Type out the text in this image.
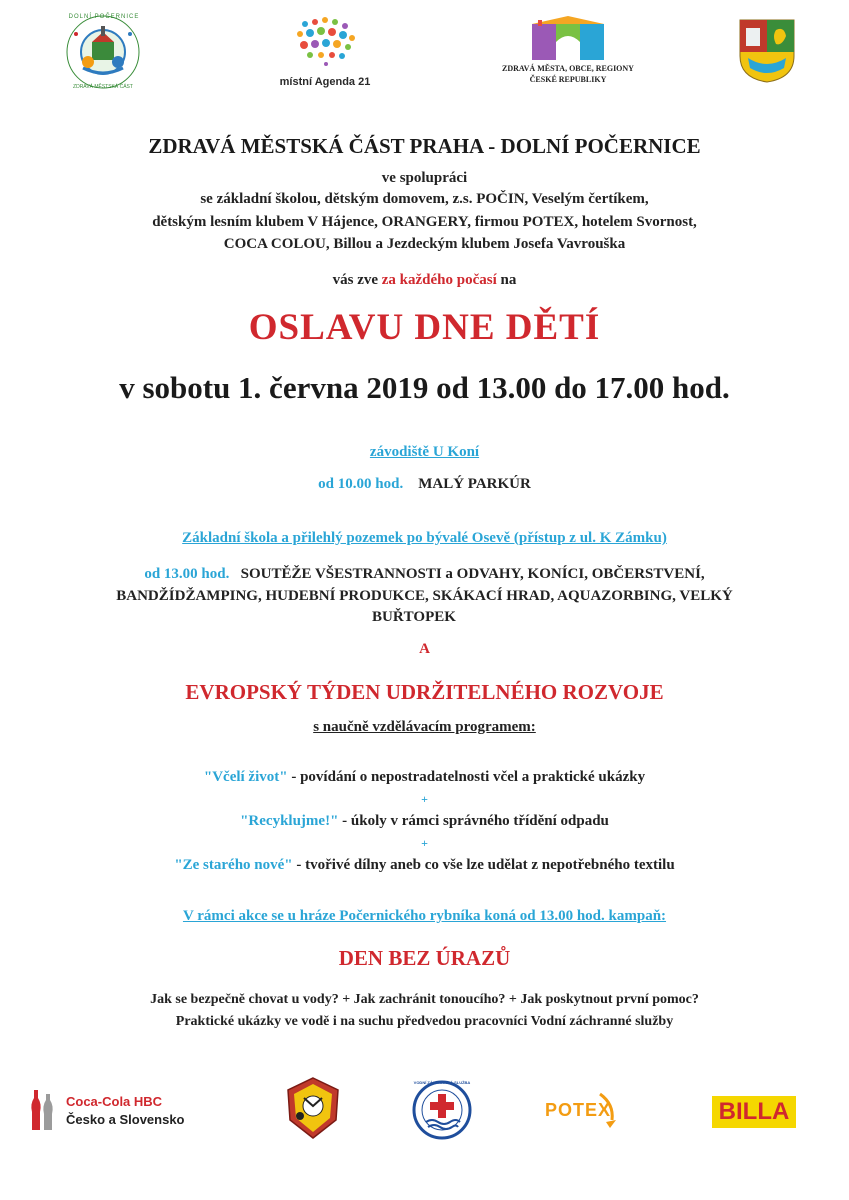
DOLNÍ POČERNICE
ZDRAVÁ MĚSTSKÁ ČÁST	místní Agenda 21
ZDRAVÁ MĚSTA, OBCE, REGIONY
ČESKÉ REPUBLIKY
ZDRAVÁ MĚSTSKÁ ČÁST PRAHA - DOLNÍ POČERNICE
ve spolupráci
se základní školou, dětským domovem, z.s. POČIN, Veselým čertíkem,
dětským lesním klubem V Hájence, ORANGERY, firmou POTEX, hotelem Svornost,
COCA COLOU, Billou a Jezdeckým klubem Josefa Vavrouška
vás zve za každého počasí na
OSLAVU DNE DĚTÍ
v sobotu 1. června 2019 od 13.00 do 17.00 hod.
závodiště U Koní
od 10.00 hod. MALÝ PARKÚR
Základní škola a přilehlý pozemek po bývalé Osevě (přístup z ul. K Zámku)
od 13.00 hod. SOUTĚŽE VŠESTRANNOSTI a ODVAHY, KONÍCI, OBČERSTVENÍ,
BANDŽÍDŽAMPING, HUDEBNÍ PRODUKCE, SKÁKACÍ HRAD, AQUAZORBING, VELKÝ
BUŘTOPEK
A
EVROPSKÝ TÝDEN UDRŽITELNÉHO ROZVOJE
s naučně vzdělávacím programem:
"Včelí život" - povídání o nepostradatelnosti včel a praktické ukázky
+
"Recyklujme!" - úkoly v rámci správného třídění odpadu
+
"Ze starého nové" - tvořivé dílny aneb co vše lze udělat z nepotřebného textilu
V rámci akce se u hráze Počernického rybníka koná od 13.00 hod. kampaň:
DEN BEZ ÚRAZŮ
Jak se bezpečně chovat u vody? + Jak zachránit tonoucího? + Jak poskytnout první pomoc?
Praktické ukázky ve vodě i na suchu předvedou pracovníci Vodní záchranné služby
Coca-Cola HBC
Česko a Slovensko
VODNÍ ZÁCHRANNÁ SLUŽBA
POTEX	BILLA
